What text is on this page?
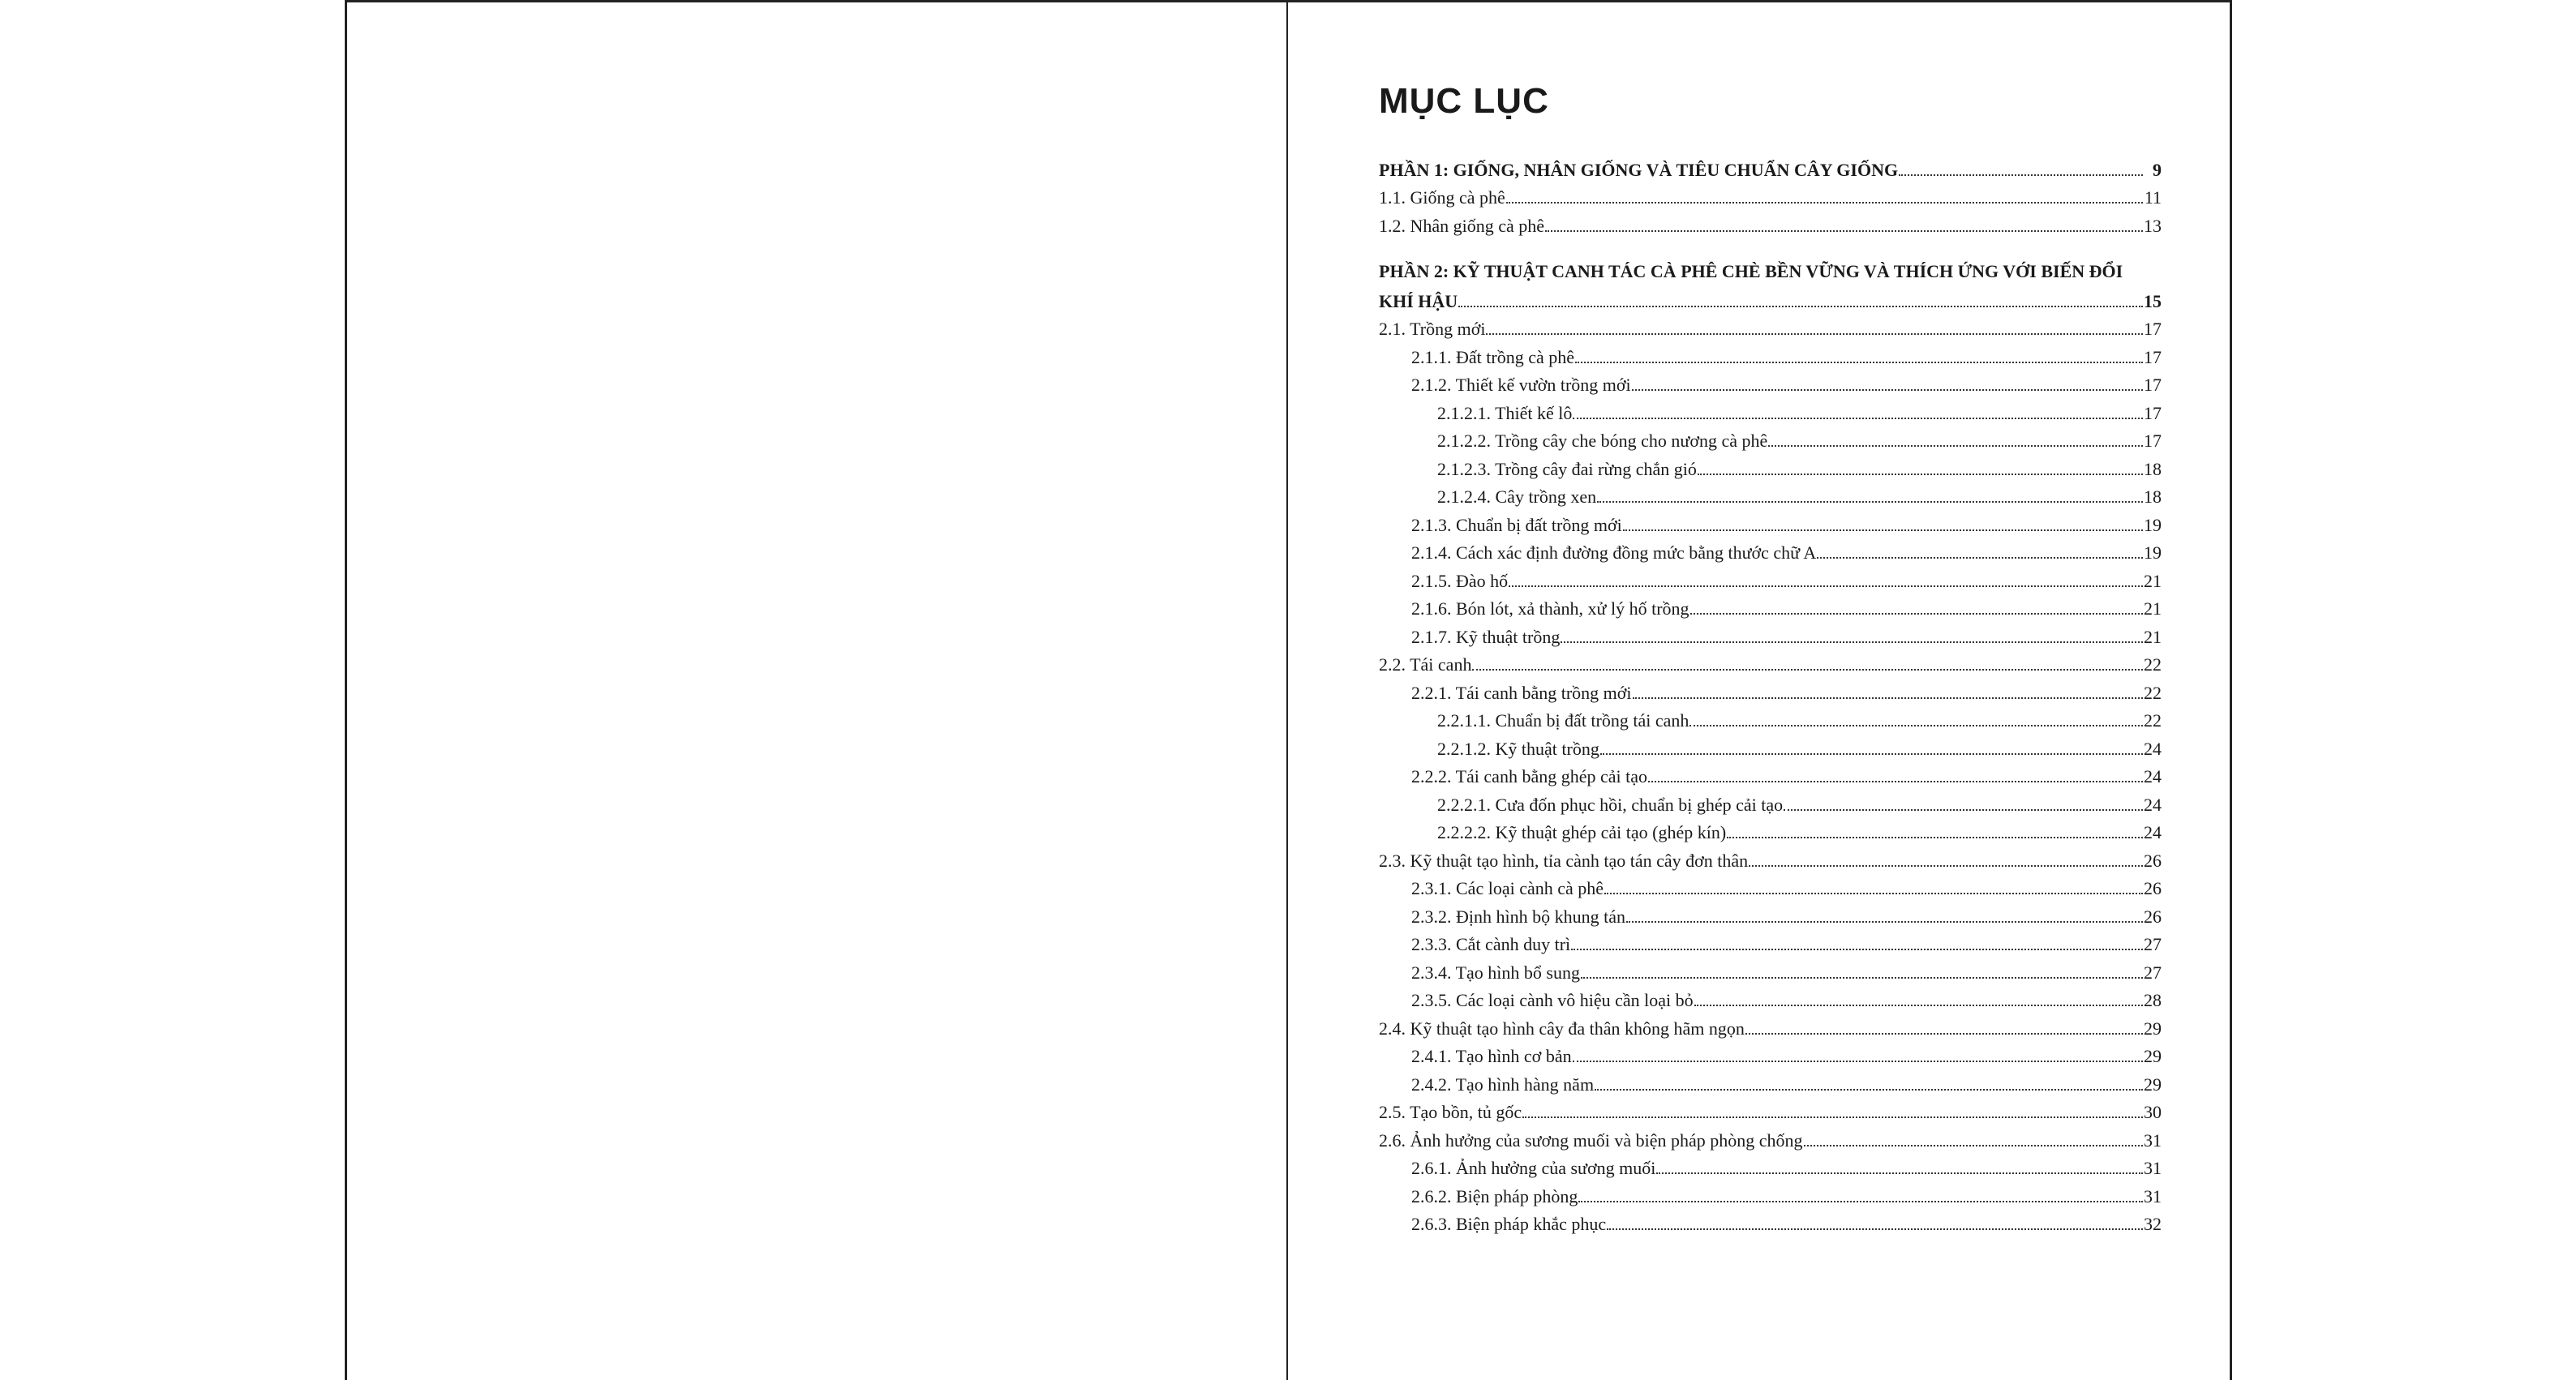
MỤC LỤC
PHẦN 1: GIỐNG, NHÂN GIỐNG VÀ TIÊU CHUẨN CÂY GIỐNG	9
1.1. Giống cà phê	11
1.2. Nhân giống cà phê	13
PHẦN 2: KỸ THUẬT CANH TÁC CÀ PHÊ CHÈ BỀN VỮNG VÀ THÍCH ỨNG VỚI BIẾN ĐỔI
KHÍ HẬU	15
2.1. Trồng mới	17
2.1.1. Đất trồng cà phê	17
2.1.2. Thiết kế vườn trồng mới	17
2.1.2.1. Thiết kế lô	17
2.1.2.2. Trồng cây che bóng cho nương cà phê	17
2.1.2.3. Trồng cây đai rừng chắn gió	18
2.1.2.4. Cây trồng xen	18
2.1.3. Chuẩn bị đất trồng mới	19
2.1.4. Cách xác định đường đồng mức bằng thước chữ A	19
2.1.5. Đào hố	21
2.1.6. Bón lót, xả thành, xử lý hố trồng	21
2.1.7. Kỹ thuật trồng	21
2.2. Tái canh	22
2.2.1. Tái canh bằng trồng mới	22
2.2.1.1. Chuẩn bị đất trồng tái canh	22
2.2.1.2. Kỹ thuật trồng	24
2.2.2. Tái canh bằng ghép cải tạo	24
2.2.2.1. Cưa đốn phục hồi, chuẩn bị ghép cải tạo	24
2.2.2.2. Kỹ thuật ghép cải tạo (ghép kín)	24
2.3. Kỹ thuật tạo hình, tỉa cành tạo tán cây đơn thân	26
2.3.1. Các loại cành cà phê	26
2.3.2. Định hình bộ khung tán	26
2.3.3. Cắt cành duy trì	27
2.3.4. Tạo hình bổ sung	27
2.3.5. Các loại cành vô hiệu cần loại bỏ	28
2.4. Kỹ thuật tạo hình cây đa thân không hãm ngọn	29
2.4.1. Tạo hình cơ bản	29
2.4.2. Tạo hình hàng năm	29
2.5. Tạo bồn, tủ gốc	30
2.6. Ảnh hưởng của sương muối và biện pháp phòng chống	31
2.6.1. Ảnh hưởng của sương muối	31
2.6.2. Biện pháp phòng	31
2.6.3. Biện pháp khắc phục	32
